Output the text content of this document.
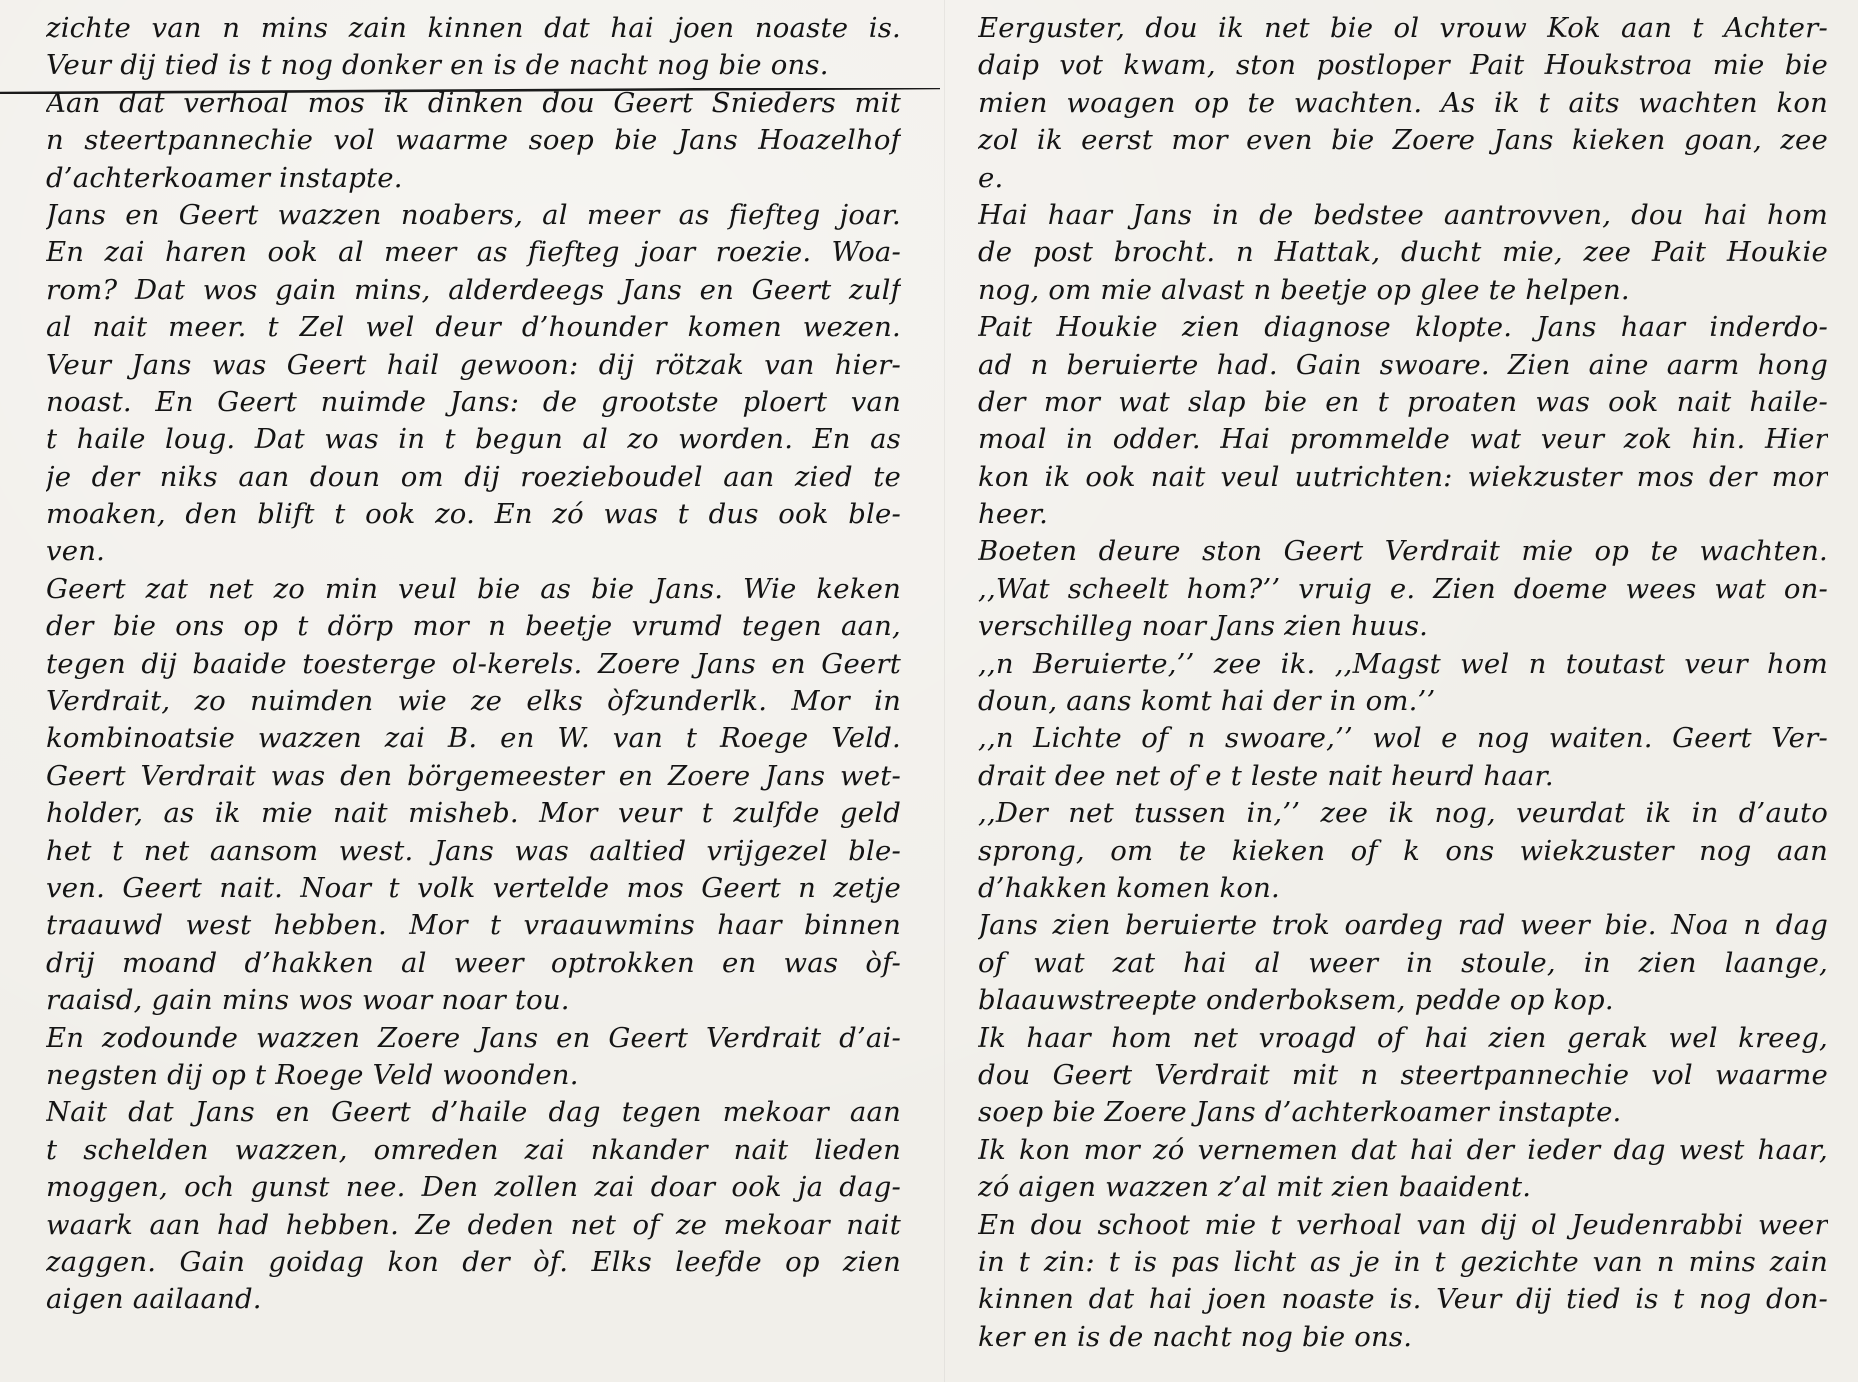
zichte van n mins zain kinnen dat hai joen noaste is.
Veur dij tied is t nog donker en is de nacht nog bie ons.
Aan dat verhoal mos ik dinken dou Geert Snieders mit
n steertpannechie vol waarme soep bie Jans Hoazelhof
d’achterkoamer instapte.
Jans en Geert wazzen noabers, al meer as fiefteg joar.
En zai haren ook al meer as fiefteg joar roezie. Woa-
rom? Dat wos gain mins, alderdeegs Jans en Geert zulf
al nait meer. t Zel wel deur d’hounder komen wezen.
Veur Jans was Geert hail gewoon: dij rötzak van hier-
noast. En Geert nuimde Jans: de grootste ploert van
t haile loug. Dat was in t begun al zo worden. En as
je der niks aan doun om dij roezieboudel aan zied te
moaken, den blift t ook zo. En zó was t dus ook ble-
ven.
Geert zat net zo min veul bie as bie Jans. Wie keken
der bie ons op t dörp mor n beetje vrumd tegen aan,
tegen dij baaide toesterge ol-kerels. Zoere Jans en Geert
Verdrait, zo nuimden wie ze elks òfzunderlk. Mor in
kombinoatsie wazzen zai B. en W. van t Roege Veld.
Geert Verdrait was den börgemeester en Zoere Jans wet-
holder, as ik mie nait misheb. Mor veur t zulfde geld
het t net aansom west. Jans was aaltied vrijgezel ble-
ven. Geert nait. Noar t volk vertelde mos Geert n zetje
traauwd west hebben. Mor t vraauwmins haar binnen
drij moand d’hakken al weer optrokken en was òf-
raaisd, gain mins wos woar noar tou.
En zodounde wazzen Zoere Jans en Geert Verdrait d’ai-
negsten dij op t Roege Veld woonden.
Nait dat Jans en Geert d’haile dag tegen mekoar aan
t schelden wazzen, omreden zai nkander nait lieden
moggen, och gunst nee. Den zollen zai doar ook ja dag-
waark aan had hebben. Ze deden net of ze mekoar nait
zaggen. Gain goidag kon der òf. Elks leefde op zien
aigen aailaand.
Eerguster, dou ik net bie ol vrouw Kok aan t Achter-
daip vot kwam, ston postloper Pait Houkstroa mie bie
mien woagen op te wachten. As ik t aits wachten kon
zol ik eerst mor even bie Zoere Jans kieken goan, zee
e.
Hai haar Jans in de bedstee aantrovven, dou hai hom
de post brocht. n Hattak, ducht mie, zee Pait Houkie
nog, om mie alvast n beetje op glee te helpen.
Pait Houkie zien diagnose klopte. Jans haar inderdo-
ad n beruierte had. Gain swoare. Zien aine aarm hong
der mor wat slap bie en t proaten was ook nait haile-
moal in odder. Hai prommelde wat veur zok hin. Hier
kon ik ook nait veul uutrichten: wiekzuster mos der mor
heer.
Boeten deure ston Geert Verdrait mie op te wachten.
,,Wat scheelt hom?’’ vruig e. Zien doeme wees wat on-
verschilleg noar Jans zien huus.
,,n Beruierte,’’ zee ik. ,,Magst wel n toutast veur hom
doun, aans komt hai der in om.’’
,,n Lichte of n swoare,’’ wol e nog waiten. Geert Ver-
drait dee net of e t leste nait heurd haar.
,,Der net tussen in,’’ zee ik nog, veurdat ik in d’auto
sprong, om te kieken of k ons wiekzuster nog aan
d’hakken komen kon.
Jans zien beruierte trok oardeg rad weer bie. Noa n dag
of wat zat hai al weer in stoule, in zien laange,
blaauwstreepte onderboksem, pedde op kop.
Ik haar hom net vroagd of hai zien gerak wel kreeg,
dou Geert Verdrait mit n steertpannechie vol waarme
soep bie Zoere Jans d’achterkoamer instapte.
Ik kon mor zó vernemen dat hai der ieder dag west haar,
zó aigen wazzen z’al mit zien baaident.
En dou schoot mie t verhoal van dij ol Jeudenrabbi weer
in t zin: t is pas licht as je in t gezichte van n mins zain
kinnen dat hai joen noaste is. Veur dij tied is t nog don-
ker en is de nacht nog bie ons.
